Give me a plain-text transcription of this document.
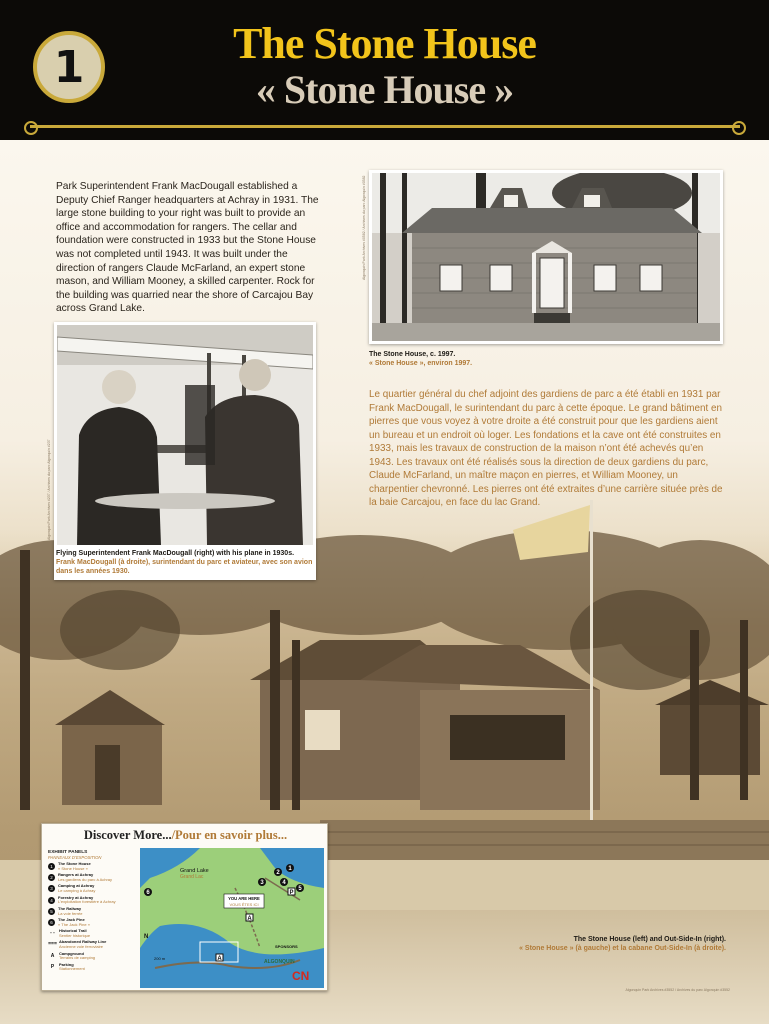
1	The Stone House
« Stone House »

Park Superintendent Frank MacDougall established a Deputy Chief Ranger headquarters at Achray in 1931. The large stone building to your right was built to provide an office and accommodation for rangers. The cellar and foundation were constructed in 1933 but the Stone House was not completed until 1943. It was built under the direction of rangers Claude McFarland, an expert stone mason, and William Mooney, a skilled carpenter. Rock for the building was quarried near the shore of Carcajou Bay across Grand Lake.

Algonquin Park Archives #0582 / Archives du parc Algonquin #0582
The Stone House, c. 1997.
« Stone House », environ 1997.

Le quartier général du chef adjoint des gardiens de parc a été établi en 1931 par Frank MacDougall, le surintendant du parc à cette époque. Le grand bâtiment en pierres que vous voyez à votre droite a été construit pour que les gardiens aient un bureau et un endroit où loger. Les fondations et la cave ont été construites en 1933, mais les travaux de construction de la maison n’ont été achevés qu’en 1943. Les travaux ont été réalisés sous la direction de deux gardiens du parc, Claude McFarland, un maître maçon en pierres, et William Mooney, un charpentier chevronné. Les pierres ont été extraites d’une carrière située près de la baie Carcajou, en face du lac Grand.

Algonquin Park Archives #237 / Archives du parc Algonquin #237
Flying Superintendent Frank MacDougall (right) with his plane in 1930s.
Frank MacDougall (à droite), surintendant du parc et aviateur, avec son avion dans les années 1930.
The Stone House (left) and Out-Side-In (right).
« Stone House » (à gauche) et la cabane Out-Side-In (à droite).
Algonquin Park Archives #3552 / Archives du parc Algonquin #3552
Discover More.../Pour en savoir plus...
EXHIBIT PANELS
PANNEAUX D’EXPOSITION
1
The Stone House
« Stone House »
2
Rangers at Achray
Les gardiens du parc à Achray
3
Camping at Achray
Le camping à Achray
4
Forestry at Achray
L’exploitation forestière à Achray
5
The Railway
La voie ferrée
6
The Jack Pine
« The Jack Pine »
- -	Historical Trail
Sentier historique
=== Abandoned Railway Line
Ancienne voie ferroviaire
A	Campground
Terrains de camping
P	Parking
Stationnement
1
2
3	4
5
6	P
A
A
Grand Lake
Grand Lac
YOU ARE HERE
VOUS ÊTES ICI
N
200 m
SPONSORS
ALGONQUIN
CN
